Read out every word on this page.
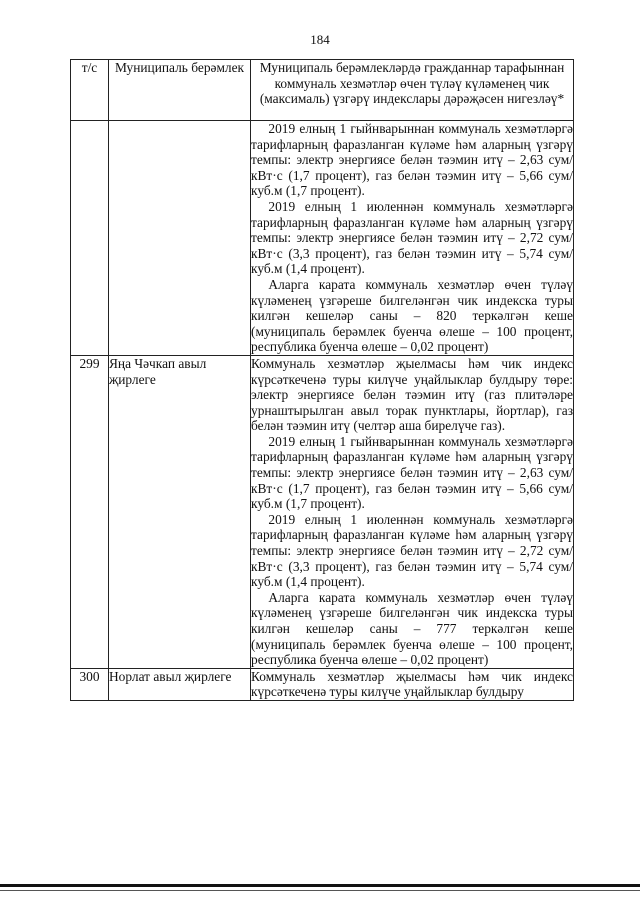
184
т/с	Муниципаль берәмлек	Муниципаль берәмлекләрдә гражданнар тарафыннан коммуналь хезмәтләр өчен түләү күләменең чик (максималь) үзгәрү индекслары дәрәҗәсен нигезләү*

		2019 елның 1 гыйнварыннан коммуналь хезмәтләргә тарифларның фаразланган күләме һәм аларның үзгәрү темпы: электр энергиясе белән тәэмин итү – 2,63 сум/кВт·с (1,7 процент), газ белән тәэмин итү – 5,66 сум/куб.м (1,7 процент).
2019 елның 1 июленнән коммуналь хезмәтләргә тарифларның фаразланган күләме һәм аларның үзгәрү темпы: электр энергиясе белән тәэмин итү – 2,72 сум/кВт·с (3,3 процент), газ белән тәэмин итү – 5,74 сум/куб.м (1,4 процент).
Аларга карата коммуналь хезмәтләр өчен түләү күләменең үзгәреше билгеләнгән чик индекска туры килгән кешеләр саны – 820 теркәлгән кеше (муниципаль берәмлек буенча өлеше – 100 процент, республика буенча өлеше – 0,02 процент)

299	Яңа Чәчкап авыл җирлеге	Коммуналь хезмәтләр җыелмасы һәм чик индекс күрсәткеченә туры килүче уңайлыклар булдыру төре: электр энергиясе белән тәэмин итү (газ плитәләре урнаштырылган авыл торак пунктлары, йортлар), газ белән тәэмин итү (челтәр аша бирелүче газ).
2019 елның 1 гыйнварыннан коммуналь хезмәтләргә тарифларның фаразланган күләме һәм аларның үзгәрү темпы: электр энергиясе белән тәэмин итү – 2,63 сум/кВт·с (1,7 процент), газ белән тәэмин итү – 5,66 сум/куб.м (1,7 процент).
2019 елның 1 июленнән коммуналь хезмәтләргә тарифларның фаразланган күләме һәм аларның үзгәрү темпы: электр энергиясе белән тәэмин итү – 2,72 сум/кВт·с (3,3 процент), газ белән тәэмин итү – 5,74 сум/куб.м (1,4 процент).
Аларга карата коммуналь хезмәтләр өчен түләү күләменең үзгәреше билгеләнгән чик индекска туры килгән кешеләр саны – 777 теркәлгән кеше (муниципаль берәмлек буенча өлеше – 100 процент, республика буенча өлеше – 0,02 процент)

300	Норлат авыл җирлеге	Коммуналь хезмәтләр җыелмасы һәм чик индекс күрсәткеченә туры килүче уңайлыклар булдыру
